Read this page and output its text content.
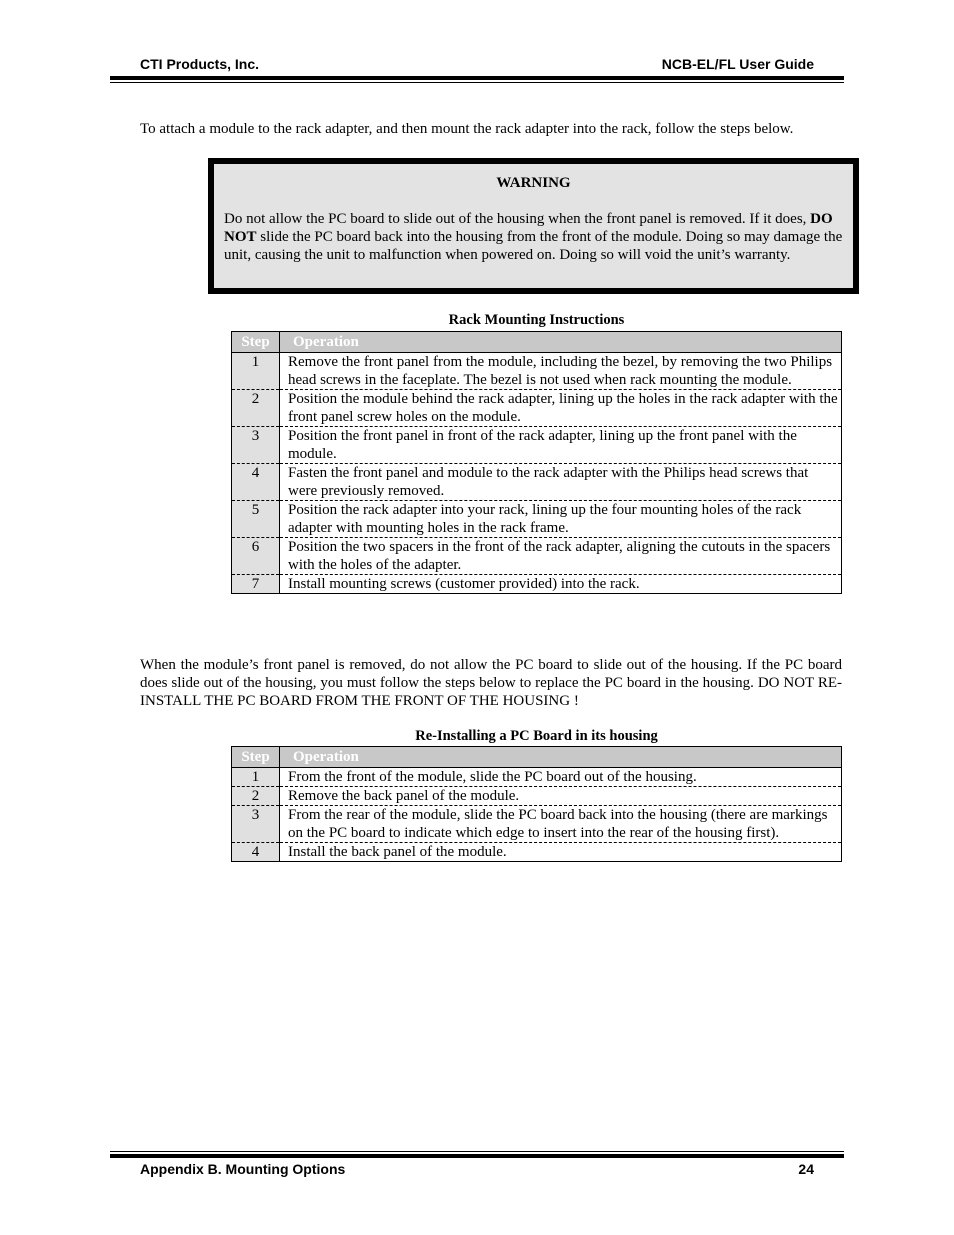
CTI Products, Inc.	NCB-EL/FL User Guide
To attach a module to the rack adapter, and then mount the rack adapter into the rack, follow the steps below.
WARNING
Do not allow the PC board to slide out of the housing when the front panel is removed. If it does, DO NOT slide the PC board back into the housing from the front of the module. Doing so may damage the unit, causing the unit to malfunction when powered on. Doing so will void the unit’s warranty.
Rack Mounting Instructions
Step	Operation
1	Remove the front panel from the module, including the bezel, by removing the two Philips head screws in the faceplate. The bezel is not used when rack mounting the module.
2	Position the module behind the rack adapter, lining up the holes in the rack adapter with the front panel screw holes on the module.
3	Position the front panel in front of the rack adapter, lining up the front panel with the module.
4	Fasten the front panel and module to the rack adapter with the Philips head screws that were previously removed.
5	Position the rack adapter into your rack, lining up the four mounting holes of the rack adapter with mounting holes in the rack frame.
6	Position the two spacers in the front of the rack adapter, aligning the cutouts in the spacers with the holes of the adapter.
7	Install mounting screws (customer provided) into the rack.
When the module’s front panel is removed, do not allow the PC board to slide out of the housing. If the PC board does slide out of the housing, you must follow the steps below to replace the PC board in the housing. DO NOT RE-INSTALL THE PC BOARD FROM THE FRONT OF THE HOUSING !
Re-Installing a PC Board in its housing
Step	Operation
1	From the front of the module, slide the PC board out of the housing.
2	Remove the back panel of the module.
3	From the rear of the module, slide the PC board back into the housing (there are markings on the PC board to indicate which edge to insert into the rear of the housing first).
4	Install the back panel of the module.
Appendix B. Mounting Options	24
